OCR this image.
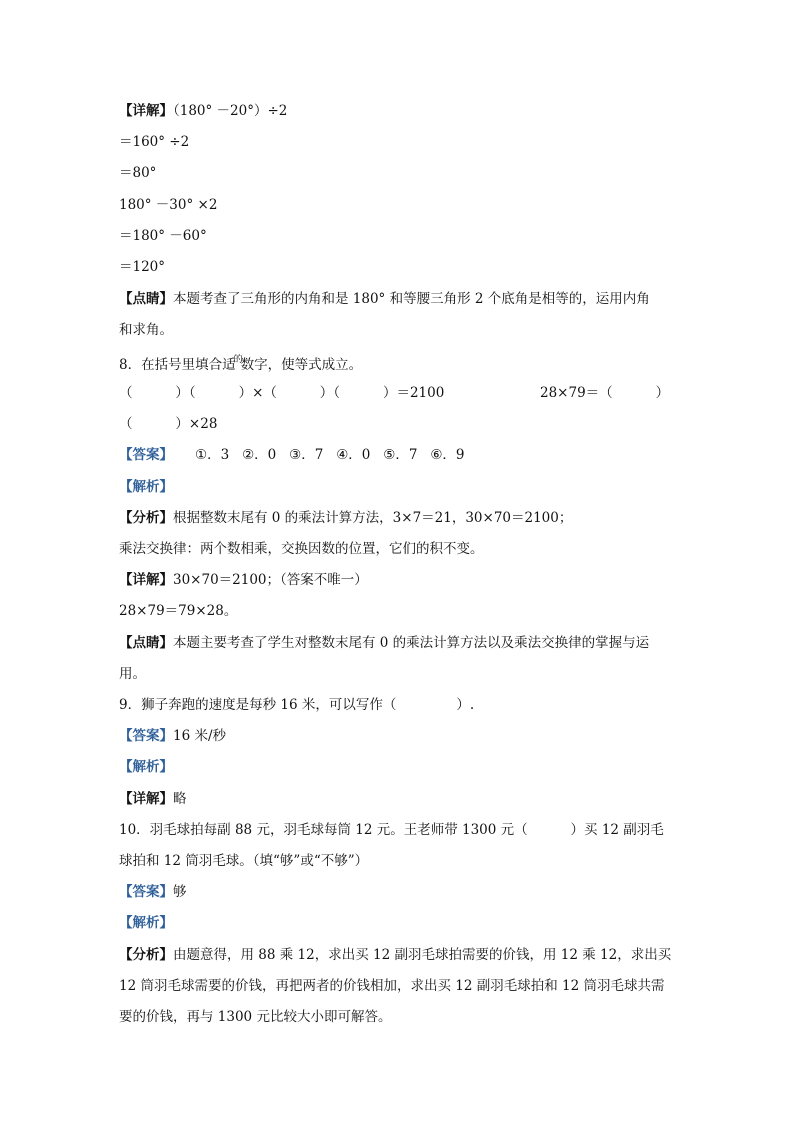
【详解】（180° －20°）÷2
＝160° ÷2
＝80°
180° －30° ×2
＝180° －60°
＝120°
【点睛】本题考查了三角形的内角和是 180° 和等腰三角形 2 个底角是相等的，运用内角
和求角。
8．在括号里填合适$^的$数字，使等式成立。
（          ）（          ）×（          ）（          ）＝2100	28×79＝（          ）
（          ）×28
【答案】 ①．3   ②．0   ③．7   ④．0   ⑤．7   ⑥．9
【解析】
【分析】根据整数末尾有 0 的乘法计算方法，3×7＝21，30×70＝2100；
乘法交换律：两个数相乘，交换因数的位置，它们的积不变。
【详解】30×70＝2100；（答案不唯一）
28×79＝79×28。
【点睛】本题主要考查了学生对整数末尾有 0 的乘法计算方法以及乘法交换律的掌握与运
用。
9．狮子奔跑的速度是每秒 16 米，可以写作（              ）.
【答案】16 米/秒
【解析】
【详解】略
10．羽毛球拍每副 88 元，羽毛球每筒 12 元。王老师带 1300 元（          ）买 12 副羽毛
球拍和 12 筒羽毛球。（填“够”或“不够”）
【答案】够
【解析】
【分析】由题意得，用 88 乘 12，求出买 12 副羽毛球拍需要的价钱，用 12 乘 12，求出买
12 筒羽毛球需要的价钱，再把两者的价钱相加，求出买 12 副羽毛球拍和 12 筒羽毛球共需
要的价钱，再与 1300 元比较大小即可解答。
